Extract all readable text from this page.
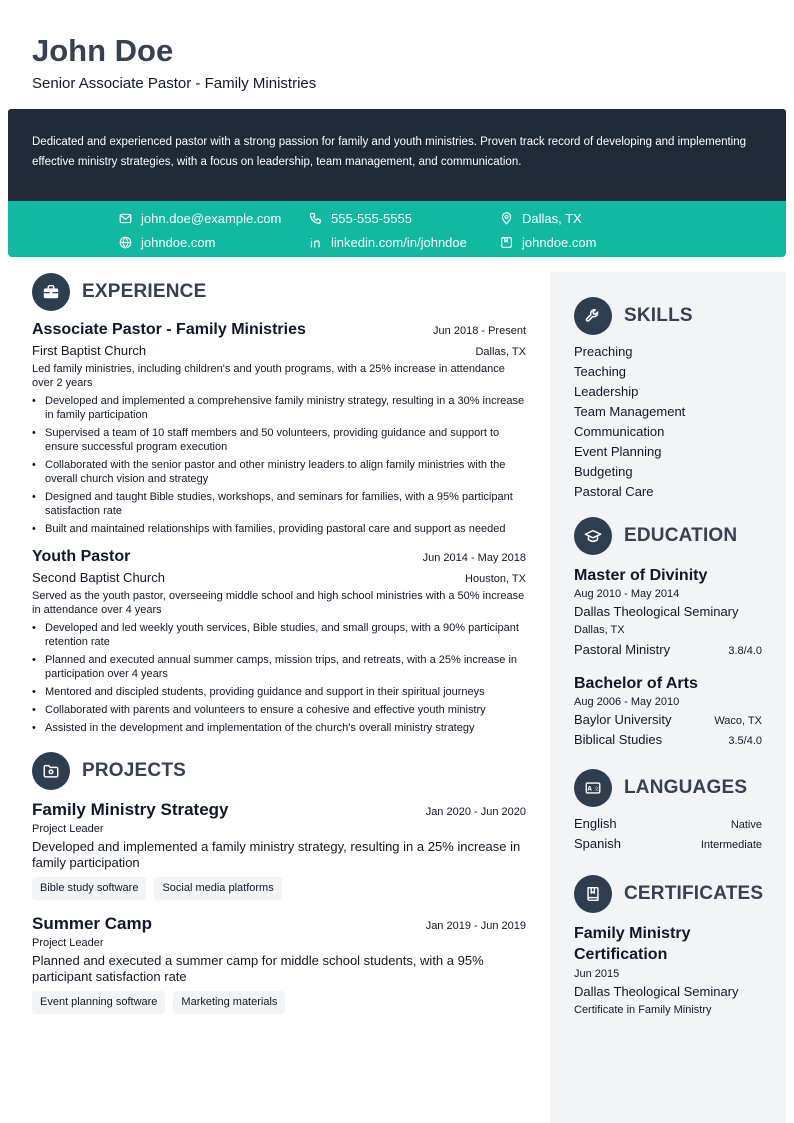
John Doe
Senior Associate Pastor - Family Ministries
Dedicated and experienced pastor with a strong passion for family and youth ministries. Proven track record of developing and implementing effective ministry strategies, with a focus on leadership, team management, and communication.
john.doe@example.com	555-555-5555	Dallas, TX
johndoe.com	linkedin.com/in/johndoe	johndoe.com
EXPERIENCE
Associate Pastor - Family Ministries	Jun 2018 - Present
First Baptist Church	Dallas, TX
Led family ministries, including children's and youth programs, with a 25% increase in attendance over 2 years
• Developed and implemented a comprehensive family ministry strategy, resulting in a 30% increase in family participation
• Supervised a team of 10 staff members and 50 volunteers, providing guidance and support to ensure successful program execution
• Collaborated with the senior pastor and other ministry leaders to align family ministries with the overall church vision and strategy
• Designed and taught Bible studies, workshops, and seminars for families, with a 95% participant satisfaction rate
• Built and maintained relationships with families, providing pastoral care and support as needed
Youth Pastor	Jun 2014 - May 2018
Second Baptist Church	Houston, TX
Served as the youth pastor, overseeing middle school and high school ministries with a 50% increase in attendance over 4 years
• Developed and led weekly youth services, Bible studies, and small groups, with a 90% participant retention rate
• Planned and executed annual summer camps, mission trips, and retreats, with a 25% increase in participation over 4 years
• Mentored and discipled students, providing guidance and support in their spiritual journeys
• Collaborated with parents and volunteers to ensure a cohesive and effective youth ministry
• Assisted in the development and implementation of the church's overall ministry strategy
PROJECTS
Family Ministry Strategy	Jan 2020 - Jun 2020
Project Leader
Developed and implemented a family ministry strategy, resulting in a 25% increase in family participation
Bible study software	Social media platforms
Summer Camp	Jan 2019 - Jun 2019
Project Leader
Planned and executed a summer camp for middle school students, with a 95% participant satisfaction rate
Event planning software	Marketing materials
SKILLS
Preaching
Teaching
Leadership
Team Management
Communication
Event Planning
Budgeting
Pastoral Care
EDUCATION
Master of Divinity
Aug 2010 - May 2014
Dallas Theological Seminary
Dallas, TX
Pastoral Ministry	3.8/4.0
Bachelor of Arts
Aug 2006 - May 2010
Baylor University	Waco, TX
Biblical Studies	3.5/4.0
A 文 LANGUAGES
English	Native
Spanish	Intermediate
CERTIFICATES
Family Ministry Certification
Jun 2015
Dallas Theological Seminary
Certificate in Family Ministry
